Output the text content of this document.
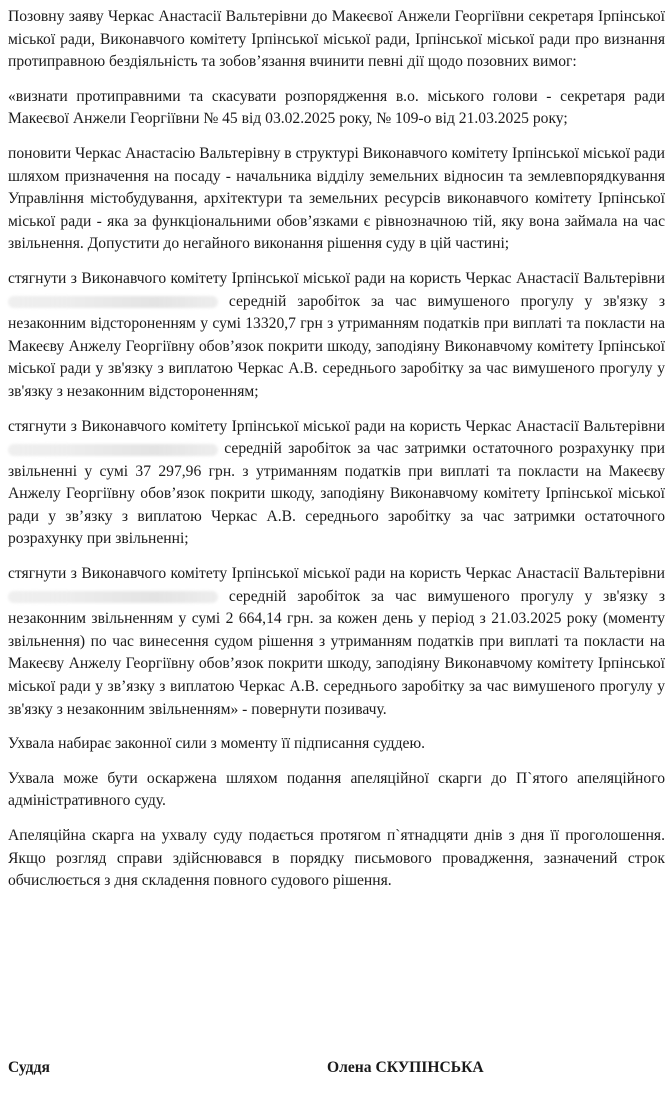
Позовну заяву Черкас Анастасії Вальтерівни до Макеєвої Анжели Георгіївни секретаря Ірпінської міської ради, Виконавчого комітету Ірпінської міської ради, Ірпінської міської ради про визнання протиправною бездіяльність та зобов’язання вчинити певні дії щодо позовних вимог:

«визнати протиправними та скасувати розпорядження в.о. міського голови - секретаря ради Макеєвої Анжели Георгіївни № 45 від 03.02.2025 року, № 109-о від 21.03.2025 року;

поновити Черкас Анастасію Вальтерівну в структурі Виконавчого комітету Ірпінської міської ради шляхом призначення на посаду - начальника відділу земельних відносин та землевпорядкування Управління містобудування, архітектури та земельних ресурсів виконавчого комітету Ірпінської міської ради - яка за функціональними обов’язками є рівнозначною тій, яку вона займала на час звільнення. Допустити до негайного виконання рішення суду в цій частині;

стягнути з Виконавчого комітету Ірпінської міської ради на користь Черкас Анастасії Вальтерівни  середній заробіток за час вимушеного прогулу у зв'язку з незаконним відстороненням у сумі 13320,7 грн з утриманням податків при виплаті та покласти на Макеєву Анжелу Георгіївну обов’язок покрити шкоду, заподіяну Виконавчому комітету Ірпінської міської ради у зв'язку з виплатою Черкас А.В. середнього заробітку за час вимушеного прогулу у зв'язку з незаконним відстороненням;

стягнути з Виконавчого комітету Ірпінської міської ради на користь Черкас Анастасії Вальтерівни  середній заробіток за час затримки остаточного розрахунку при звільненні у сумі 37 297,96 грн. з утриманням податків при виплаті та покласти на Макеєву Анжелу Георгіївну обов’язок покрити шкоду, заподіяну Виконавчому комітету Ірпінської міської ради у зв’язку з виплатою Черкас А.В. середнього заробітку за час затримки остаточного розрахунку при звільненні;

стягнути з Виконавчого комітету Ірпінської міської ради на користь Черкас Анастасії Вальтерівни  середній заробіток за час вимушеного прогулу у зв'язку з незаконним звільненням у сумі 2 664,14 грн. за кожен день у період з 21.03.2025 року (моменту звільнення) по час винесення судом рішення з утриманням податків при виплаті та покласти на Макеєву Анжелу Георгіївну обов’язок покрити шкоду, заподіяну Виконавчому комітету Ірпінської міської ради у зв’язку з виплатою Черкас А.В. середнього заробітку за час вимушеного прогулу у зв'язку з незаконним звільненням» - повернути позивачу.

Ухвала набирає законної сили з моменту її підписання суддею.

Ухвала може бути оскаржена шляхом подання апеляційної скарги до П`ятого апеляційного адміністративного суду.

Апеляційна скарга на ухвалу суду подається протягом п`ятнадцяти днів з дня її проголошення. Якщо розгляд справи здійснювався в порядку письмового провадження, зазначений строк обчислюється з дня складення повного судового рішення.

Суддя	Олена СКУПІНСЬКА
